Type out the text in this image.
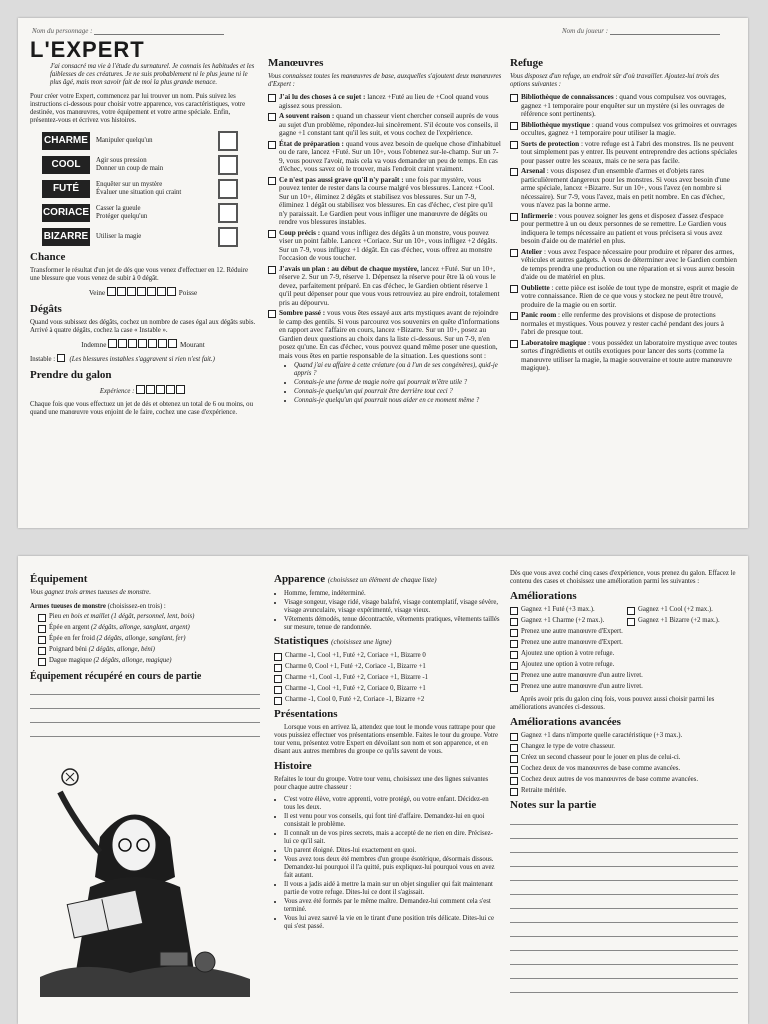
Nom du personnage :	Nom du joueur :
L'EXPERT

J'ai consacré ma vie à l'étude du surnaturel. Je connais les habitudes et les faiblesses de ces créatures. Je ne suis probablement ni le plus jeune ni le plus âgé, mais mon savoir fait de moi la plus grande menace.

Pour créer votre Expert, commencez par lui trouver un nom. Puis suivez les instructions ci-dessous pour choisir votre apparence, vos caractéristiques, votre destinée, vos manœuvres, votre équipement et votre arme spéciale. Enfin, présentez-vous et écrivez vos histoires.

CHARME	Manipuler quelqu'un
COOL	Agir sous pression
Donner un coup de main
FUTÉ	Enquêter sur un mystère
Évaluer une situation qui craint
CORIACE	Casser la gueule
Protéger quelqu'un
BIZARRE	Utiliser la magie
Chance

Transformer le résultat d'un jet de dés que vous venez d'effectuer en 12. Réduire une blessure que vous venez de subir à 0 dégât.

Veine	Poisse
Dégâts

Quand vous subissez des dégâts, cochez un nombre de cases égal aux dégâts subis. Arrivé à quatre dégâts, cochez la case « Instable ».

Indemne	Mourant
Instable : (Les blessures instables s'aggravent si rien n'est fait.)
Prendre du galon
Expérience :

Chaque fois que vous effectuez un jet de dés et obtenez un total de 6 ou moins, ou quand une manœuvre vous enjoint de le faire, cochez une case d'expérience.

Manœuvres

Vous connaissez toutes les manœuvres de base, auxquelles s'ajoutent deux manœuvres d'Expert :

J'ai lu des choses à ce sujet : lancez +Futé au lieu de +Cool quand vous agissez sous pression.
A souvent raison : quand un chasseur vient chercher conseil auprès de vous au sujet d'un problème, répondez-lui sincèrement. S'il écoute vos conseils, il gagne +1 constant tant qu'il les suit, et vous cochez de l'expérience.
État de préparation : quand vous avez besoin de quelque chose d'inhabituel ou de rare, lancez +Futé. Sur un 10+, vous l'obtenez sur-le-champ. Sur un 7-9, vous pouvez l'avoir, mais cela va vous demander un peu de temps. En cas d'échec, vous savez où le trouver, mais l'endroit craint vraiment.
Ce n'est pas aussi grave qu'il n'y paraît : une fois par mystère, vous pouvez tenter de rester dans la course malgré vos blessures. Lancez +Cool. Sur un 10+, éliminez 2 dégâts et stabilisez vos blessures. Sur un 7-9, éliminez 1 dégât ou stabilisez vos blessures. En cas d'échec, c'est pire qu'il n'y paraissait. Le Gardien peut vous infliger une manœuvre de dégâts ou rendre vos blessures instables.
Coup précis : quand vous infligez des dégâts à un monstre, vous pouvez viser un point faible. Lancez +Coriace. Sur un 10+, vous infligez +2 dégâts. Sur un 7-9, vous infligez +1 dégât. En cas d'échec, vous offrez au monstre l'occasion de vous toucher.
J'avais un plan : au début de chaque mystère, lancez +Futé. Sur un 10+, réserve 2. Sur un 7-9, réserve 1. Dépensez la réserve pour être là où vous le devez, parfaitement préparé. En cas d'échec, le Gardien obtient réserve 1 qu'il peut dépenser pour que vous vous retrouviez au pire endroit, totalement pris au dépourvu.
Sombre passé : vous vous êtes essayé aux arts mystiques avant de rejoindre le camp des gentils. Si vous parcourez vos souvenirs en quête d'informations en rapport avec l'affaire en cours, lancez +Bizarre. Sur un 10+, posez au Gardien deux questions au choix dans la liste ci-dessous. Sur un 7-9, n'en posez qu'une. En cas d'échec, vous pouvez quand même poser une question, mais vous êtes en partie responsable de la situation. Les questions sont :
• Quand j'ai eu affaire à cette créature (ou à l'un de ses congénères), quid-je appris ?
• Connais-je une forme de magie noire qui pourrait m'être utile ?
• Connais-je quelqu'un qui pourrait être derrière tout ceci ?
• Connais-je quelqu'un qui pourrait nous aider en ce moment même ?
Refuge

Vous disposez d'un refuge, un endroit sûr d'où travailler. Ajoutez-lui trois des options suivantes :

Bibliothèque de connaissances : quand vous compulsez vos ouvrages, gagnez +1 temporaire pour enquêter sur un mystère (si les ouvrages de référence sont pertinents).
Bibliothèque mystique : quand vous compulsez vos grimoires et ouvrages occultes, gagnez +1 temporaire pour utiliser la magie.
Sorts de protection : votre refuge est à l'abri des monstres. Ils ne peuvent tout simplement pas y entrer. Ils peuvent entreprendre des actions spéciales pour passer outre les sceaux, mais ce ne sera pas facile.
Arsenal : vous disposez d'un ensemble d'armes et d'objets rares particulièrement dangereux pour les monstres. Si vous avez besoin d'une arme spéciale, lancez +Bizarre. Sur un 10+, vous l'avez (en nombre si nécessaire). Sur 7-9, vous l'avez, mais en petit nombre. En cas d'échec, vous n'avez pas la bonne arme.
Infirmerie : vous pouvez soigner les gens et disposez d'assez d'espace pour permettre à un ou deux personnes de se remettre. Le Gardien vous indiquera le temps nécessaire au patient et vous précisera si vous avez besoin d'aide ou de matériel en plus.
Atelier : vous avez l'espace nécessaire pour produire et réparer des armes, véhicules et autres gadgets. À vous de déterminer avec le Gardien combien de temps prendra une production ou une réparation et si vous aurez besoin d'aide ou de matériel en plus.
Oubliette : cette pièce est isolée de tout type de monstre, esprit et magie de votre connaissance. Rien de ce que vous y stockez ne peut être trouvé, produire de la magie ou en sortir.
Panic room : elle renferme des provisions et dispose de protections normales et mystiques. Vous pouvez y rester caché pendant des jours à l'abri de presque tout.
Laboratoire magique : vous possédez un laboratoire mystique avec toutes sortes d'ingrédients et outils exotiques pour lancer des sorts (comme la manœuvre utiliser la magie, la magie souveraine et toute autre manœuvre magique).
Équipement

Vous gagnez trois armes tueuses de monstre.

Armes tueuses de monstre (choisissez-en trois) :
Pieu en bois et maillet (1 dégât, personnel, lent, bois)
Épée en argent (2 dégâts, allonge, sanglant, argent)
Épée en fer froid (2 dégâts, allonge, sanglant, fer)
Poignard béni (2 dégâts, allonge, béni)
Dague magique (2 dégâts, allonge, magique)
Équipement récupéré en cours de partie
Apparence (choisissez un élément de chaque liste)
• Homme, femme, indéterminé.
• Visage songeur, visage ridé, visage balafré, visage contemplatif, visage sévère, visage avunculaire, visage expérimenté, visage vieux.
• Vêtements démodés, tenue décontractée, vêtements pratiques, vêtements taillés sur mesure, tenue de randonnée.
Statistiques (choisissez une ligne)
Charme -1, Cool +1, Futé +2, Coriace +1, Bizarre 0
Charme 0, Cool +1, Futé +2, Coriace -1, Bizarre +1
Charme +1, Cool -1, Futé +2, Coriace +1, Bizarre -1
Charme -1, Cool +1, Futé +2, Coriace 0, Bizarre +1
Charme -1, Cool 0, Futé +2, Coriace -1, Bizarre +2
Présentations

Lorsque vous en arrivez là, attendez que tout le monde vous rattrape pour que vous puissiez effectuer vos présentations ensemble. Faites le tour du groupe. Votre tour venu, présentez votre Expert en dévoilant son nom et son apparence, et en disant aux autres membres du groupe ce qu'ils savent de vous.

Histoire

Refaites le tour du groupe. Votre tour venu, choisissez une des lignes suivantes pour chaque autre chasseur :

• C'est votre élève, votre apprenti, votre protégé, ou votre enfant. Décidez-en tous les deux.
• Il est venu pour vos conseils, qui font tiré d'affaire. Demandez-lui en quoi consistait le problème.
• Il connaît un de vos pires secrets, mais a accepté de ne rien en dire. Précisez-lui ce qu'il sait.
• Un parent éloigné. Dites-lui exactement en quoi.
• Vous avez tous deux été membres d'un groupe ésotérique, désormais dissous. Demandez-lui pourquoi il l'a quitté, puis expliquez-lui pourquoi vous en avez fait autant.
• Il vous a jadis aidé à mettre la main sur un objet singulier qui fait maintenant partie de votre refuge. Dites-lui ce dont il s'agissait.
• Vous avez été formés par le même maître. Demandez-lui comment cela s'est terminé.
• Vous lui avez sauvé la vie en le tirant d'une position très délicate. Dites-lui ce qui s'est passé.

Dès que vous avez coché cinq cases d'expérience, vous prenez du galon. Effacez le contenu des cases et choisissez une amélioration parmi les suivantes :

Améliorations
Gagnez +1 Futé (+3 max.).	Gagnez +1 Cool (+2 max.).
Gagnez +1 Charme (+2 max.).	Gagnez +1 Bizarre (+2 max.).
Prenez une autre manœuvre d'Expert.
Prenez une autre manœuvre d'Expert.
Ajoutez une option à votre refuge.
Ajoutez une option à votre refuge.
Prenez une autre manœuvre d'un autre livret.
Prenez une autre manœuvre d'un autre livret.

Après avoir pris du galon cinq fois, vous pouvez aussi choisir parmi les améliorations avancées ci-dessous.

Améliorations avancées
Gagnez +1 dans n'importe quelle caractéristique (+3 max.).
Changez le type de votre chasseur.
Créez un second chasseur pour le jouer en plus de celui-ci.
Cochez deux de vos manœuvres de base comme avancées.
Cochez deux autres de vos manœuvres de base comme avancées.
Retraite méritée.
Notes sur la partie
